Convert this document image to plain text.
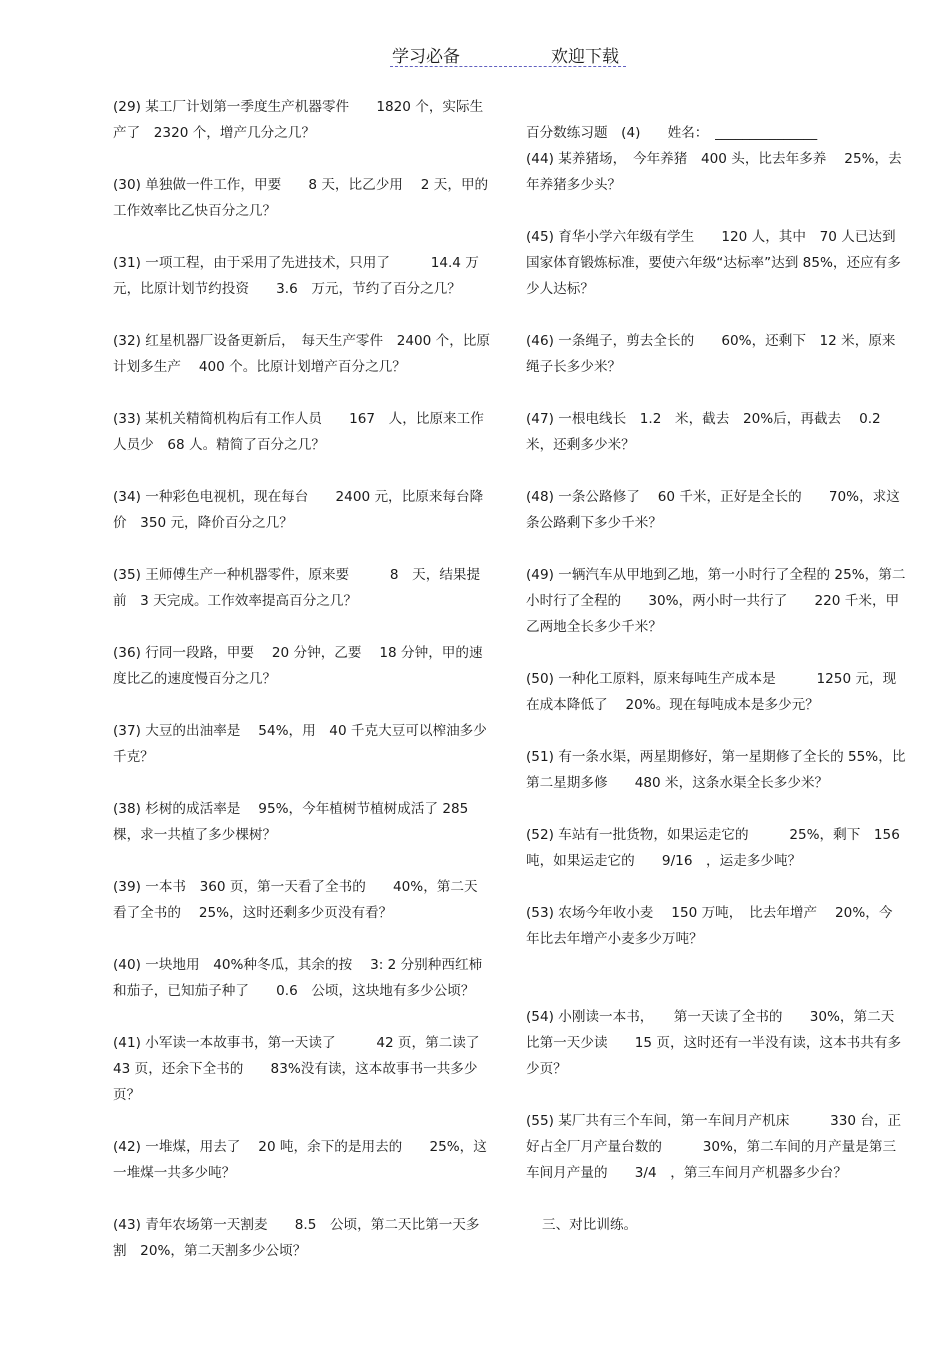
学习必备	欢迎下载

(29) 某工厂计划第一季度生产机器零件　　1820 个，实际生产了　2320 个，增产几分之几？

(30) 单独做一件工作，甲要　　8 天，比乙少用　 2 天，甲的工作效率比乙快百分之几？

(31) 一项工程，由于采用了先进技术，只用了　　　14.4 万元，比原计划节约投资　　3.6　万元，节约了百分之几？

(32) 红星机器厂设备更新后，　每天生产零件　2400 个，比原计划多生产　 400 个。比原计划增产百分之几？

(33) 某机关精简机构后有工作人员　　167　人，比原来工作人员少　68 人。精简了百分之几？

(34) 一种彩色电视机，现在每台　　2400 元，比原来每台降价　350 元，降价百分之几？

(35) 王师傅生产一种机器零件，原来要　　　8　天，结果提前　3 天完成。工作效率提高百分之几？

(36) 行同一段路，甲要　 20 分钟，乙要　 18 分钟，甲的速度比乙的速度慢百分之几？

(37) 大豆的出油率是　 54%，用　40 千克大豆可以榨油多少千克？

(38) 杉树的成活率是　 95%，今年植树节植树成活了 285 棵，求一共植了多少棵树？

(39) 一本书　360 页，第一天看了全书的　　40%，第二天看了全书的　 25%，这时还剩多少页没有看？

(40) 一块地用　40%种冬瓜，其余的按　 3: 2 分别种西红柿和茄子，已知茄子种了　　0.6　公顷，这块地有多少公顷？

(41) 小军读一本故事书，第一天读了　　　42 页，第二读了 43 页，还余下全书的　　83%没有读，这本故事书一共多少页？

(42) 一堆煤，用去了　 20 吨，余下的是用去的　　25%，这一堆煤一共多少吨？

(43) 青年农场第一天割麦　　8.5　公顷，第二天比第一天多割　20%，第二天割多少公顷？

百分数练习题　(4)　　姓名：　_______________

(44) 某养猪场，　今年养猪　400 头，比去年多养　 25%，去年养猪多少头？

(45) 育华小学六年级有学生　　120 人，其中　70 人已达到国家体育锻炼标准，要使六年级“达标率”达到 85%，还应有多少人达标？

(46) 一条绳子，剪去全长的　　60%，还剩下　12 米，原来绳子长多少米？

(47) 一根电线长　1.2　米，截去　20%后，再截去　 0.2 米，还剩多少米？

(48) 一条公路修了　 60 千米，正好是全长的　　70%，求这条公路剩下多少千米？

(49) 一辆汽车从甲地到乙地，第一小时行了全程的 25%，第二小时行了全程的　　30%，两小时一共行了　　220 千米，甲乙两地全长多少千米？

(50) 一种化工原料，原来每吨生产成本是　　　1250 元，现在成本降低了　 20%。现在每吨成本是多少元？

(51) 有一条水渠，两星期修好，第一星期修了全长的 55%，比第二星期多修　　480 米，这条水渠全长多少米？

(52) 车站有一批货物，如果运走它的　　　25%，剩下　156 吨，如果运走它的　　9/16　，运走多少吨？

(53) 农场今年收小麦　 150 万吨，　比去年增产　 20%，今年比去年增产小麦多少万吨？

(54) 小刚读一本书，　　第一天读了全书的　　30%，第二天比第一天少读　　15 页，这时还有一半没有读，这本书共有多少页？

(55) 某厂共有三个车间，第一车间月产机床　　　330 台，正好占全厂月产量台数的　　　30%，第二车间的月产量是第三车间月产量的　　3/4　，第三车间月产机器多少台？

三、对比训练。
